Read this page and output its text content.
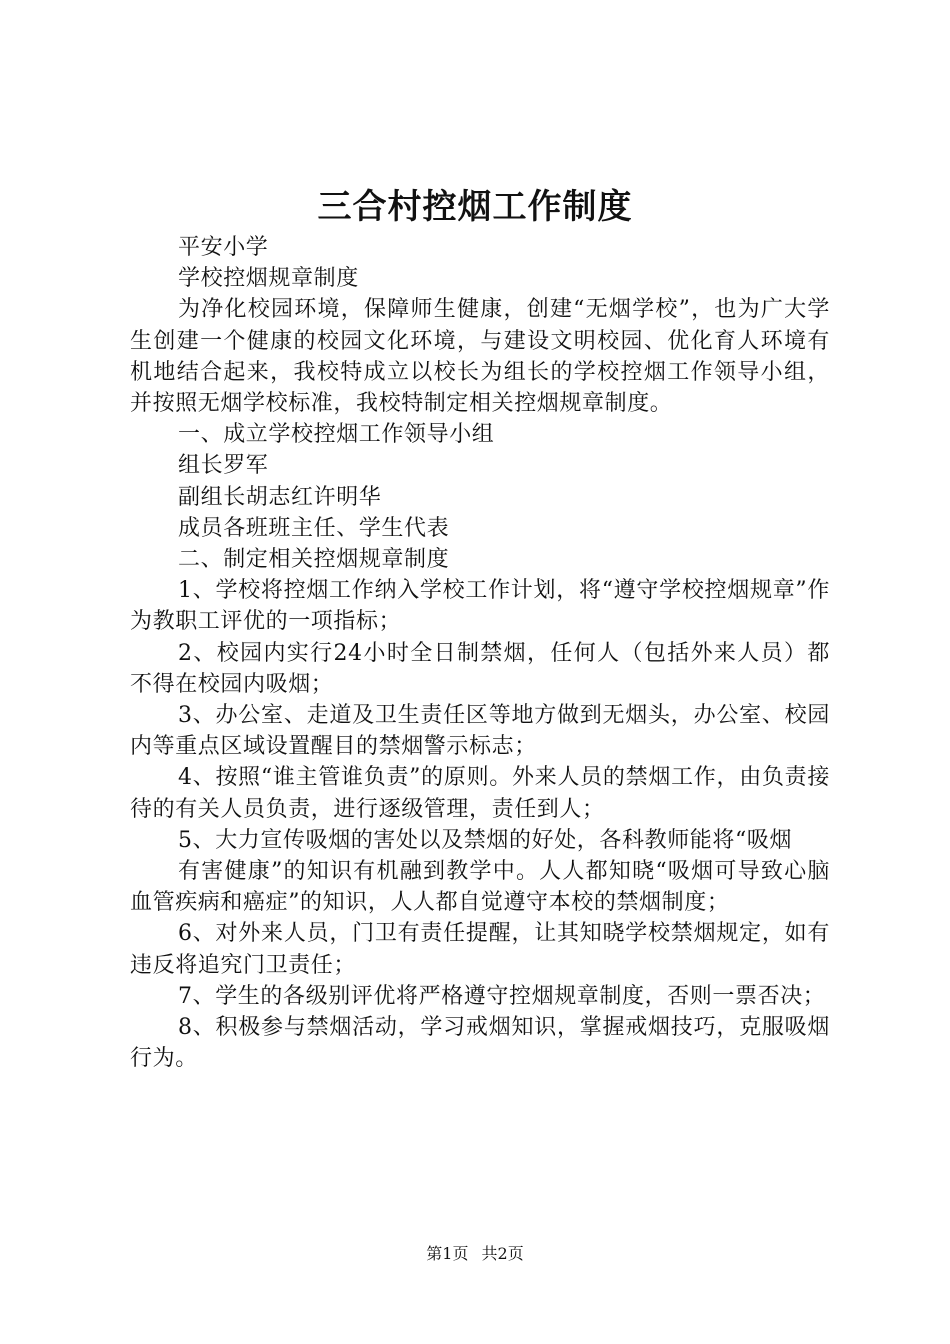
三合村控烟工作制度

平安小学

学校控烟规章制度

为净化校园环境，保障师生健康，创建“无烟学校”，也为广大学生创建一个健康的校园文化环境，与建设文明校园、优化育人环境有机地结合起来，我校特成立以校长为组长的学校控烟工作领导小组，并按照无烟学校标准，我校特制定相关控烟规章制度。

一、成立学校控烟工作领导小组

组长罗军

副组长胡志红许明华

成员各班班主任、学生代表

二、制定相关控烟规章制度

1、学校将控烟工作纳入学校工作计划，将“遵守学校控烟规章”作为教职工评优的一项指标；

2、校园内实行24小时全日制禁烟，任何人（包括外来人员）都不得在校园内吸烟；

3、办公室、走道及卫生责任区等地方做到无烟头，办公室、校园内等重点区域设置醒目的禁烟警示标志；

4、按照“谁主管谁负责”的原则。外来人员的禁烟工作，由负责接待的有关人员负责，进行逐级管理，责任到人；

5、大力宣传吸烟的害处以及禁烟的好处，各科教师能将“吸烟

有害健康”的知识有机融到教学中。人人都知晓“吸烟可导致心脑血管疾病和癌症”的知识，人人都自觉遵守本校的禁烟制度；

6、对外来人员，门卫有责任提醒，让其知晓学校禁烟规定，如有违反将追究门卫责任；

7、学生的各级别评优将严格遵守控烟规章制度，否则一票否决；

8、积极参与禁烟活动，学习戒烟知识，掌握戒烟技巧，克服吸烟行为。

第1页 共2页
